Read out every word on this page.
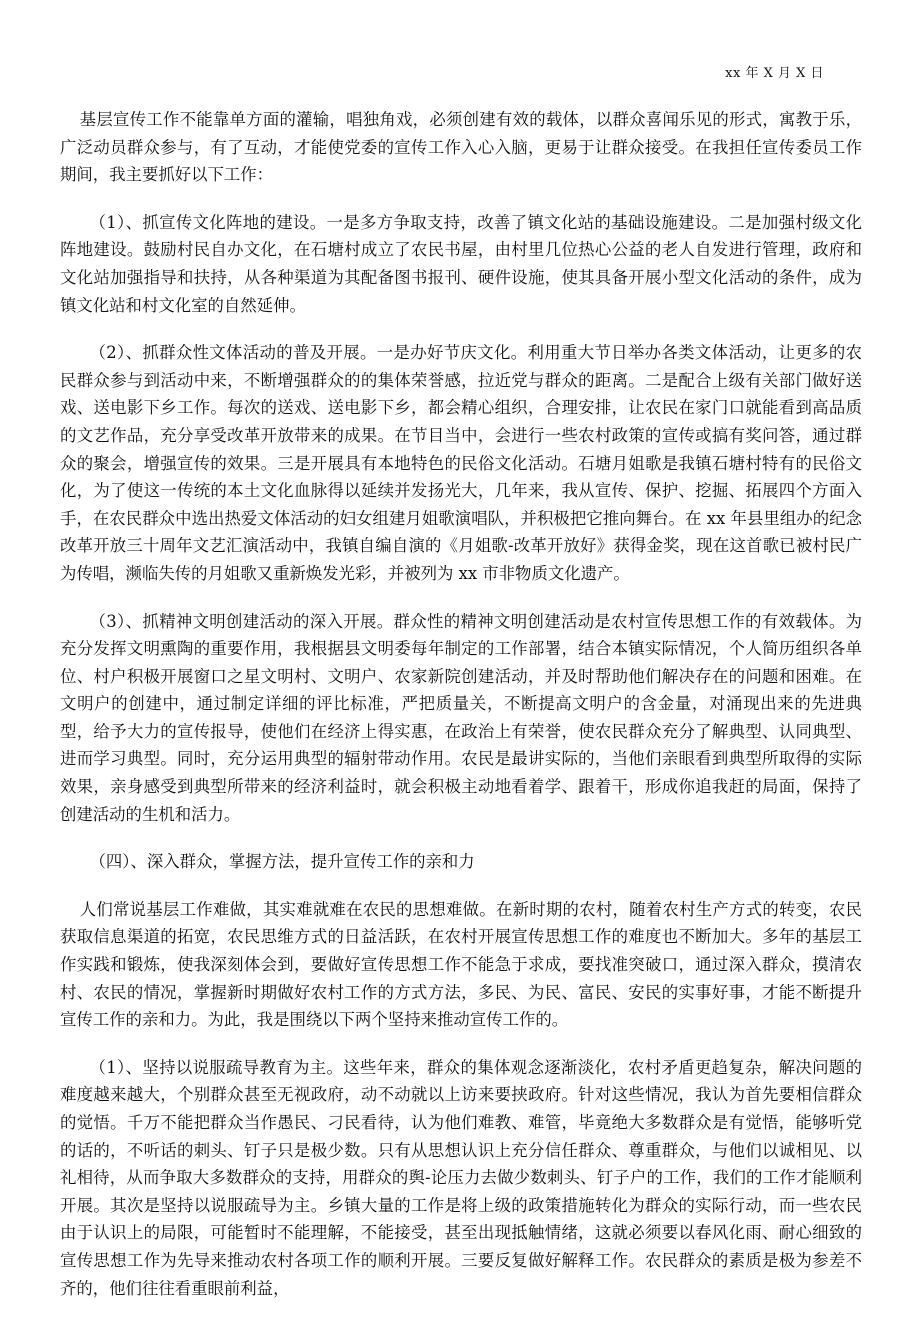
xx 年 X 月 X 日

基层宣传工作不能靠单方面的灌输，唱独角戏，必须创建有效的载体，以群众喜闻乐见的形式，寓教于乐，广泛动员群众参与，有了互动，才能使党委的宣传工作入心入脑，更易于让群众接受。在我担任宣传委员工作期间，我主要抓好以下工作：

（1）、抓宣传文化阵地的建设。一是多方争取支持，改善了镇文化站的基础设施建设。二是加强村级文化阵地建设。鼓励村民自办文化，在石塘村成立了农民书屋，由村里几位热心公益的老人自发进行管理，政府和文化站加强指导和扶持，从各种渠道为其配备图书报刊、硬件设施，使其具备开展小型文化活动的条件，成为镇文化站和村文化室的自然延伸。

（2）、抓群众性文体活动的普及开展。一是办好节庆文化。利用重大节日举办各类文体活动，让更多的农民群众参与到活动中来，不断增强群众的的集体荣誉感，拉近党与群众的距离。二是配合上级有关部门做好送戏、送电影下乡工作。每次的送戏、送电影下乡，都会精心组织，合理安排，让农民在家门口就能看到高品质的文艺作品，充分享受改革开放带来的成果。在节目当中，会进行一些农村政策的宣传或搞有奖问答，通过群众的聚会，增强宣传的效果。三是开展具有本地特色的民俗文化活动。石塘月姐歌是我镇石塘村特有的民俗文化，为了使这一传统的本土文化血脉得以延续并发扬光大，几年来，我从宣传、保护、挖掘、拓展四个方面入手，在农民群众中选出热爱文体活动的妇女组建月姐歌演唱队，并积极把它推向舞台。在 xx 年县里组办的纪念改革开放三十周年文艺汇演活动中，我镇自编自演的《月姐歌-改革开放好》获得金奖，现在这首歌已被村民广为传唱，濒临失传的月姐歌又重新焕发光彩，并被列为 xx 市非物质文化遗产。

（3）、抓精神文明创建活动的深入开展。群众性的精神文明创建活动是农村宣传思想工作的有效载体。为充分发挥文明熏陶的重要作用，我根据县文明委每年制定的工作部署，结合本镇实际情况，个人简历组织各单位、村户积极开展窗口之星文明村、文明户、农家新院创建活动，并及时帮助他们解决存在的问题和困难。在文明户的创建中，通过制定详细的评比标准，严把质量关，不断提高文明户的含金量，对涌现出来的先进典型，给予大力的宣传报导，使他们在经济上得实惠，在政治上有荣誉，使农民群众充分了解典型、认同典型、进而学习典型。同时，充分运用典型的辐射带动作用。农民是最讲实际的，当他们亲眼看到典型所取得的实际效果，亲身感受到典型所带来的经济利益时，就会积极主动地看着学、跟着干，形成你追我赶的局面，保持了创建活动的生机和活力。

（四）、深入群众，掌握方法，提升宣传工作的亲和力

人们常说基层工作难做，其实难就难在农民的思想难做。在新时期的农村，随着农村生产方式的转变，农民获取信息渠道的拓宽，农民思维方式的日益活跃，在农村开展宣传思想工作的难度也不断加大。多年的基层工作实践和锻炼，使我深刻体会到，要做好宣传思想工作不能急于求成，要找准突破口，通过深入群众，摸清农村、农民的情况，掌握新时期做好农村工作的方式方法，多民、为民、富民、安民的实事好事，才能不断提升宣传工作的亲和力。为此，我是围绕以下两个坚持来推动宣传工作的。

（1）、坚持以说服疏导教育为主。这些年来，群众的集体观念逐渐淡化，农村矛盾更趋复杂，解决问题的难度越来越大，个别群众甚至无视政府，动不动就以上访来要挟政府。针对这些情况，我认为首先要相信群众的觉悟。千万不能把群众当作愚民、刁民看待，认为他们难教、难管，毕竟绝大多数群众是有觉悟，能够听党的话的，不听话的刺头、钉子只是极少数。只有从思想认识上充分信任群众、尊重群众，与他们以诚相见、以礼相待，从而争取大多数群众的支持，用群众的舆-论压力去做少数刺头、钉子户的工作，我们的工作才能顺利开展。其次是坚持以说服疏导为主。乡镇大量的工作是将上级的政策措施转化为群众的实际行动，而一些农民由于认识上的局限，可能暂时不能理解，不能接受，甚至出现抵触情绪，这就必须要以春风化雨、耐心细致的宣传思想工作为先导来推动农村各项工作的顺利开展。三要反复做好解释工作。农民群众的素质是极为参差不齐的，他们往往看重眼前利益，
